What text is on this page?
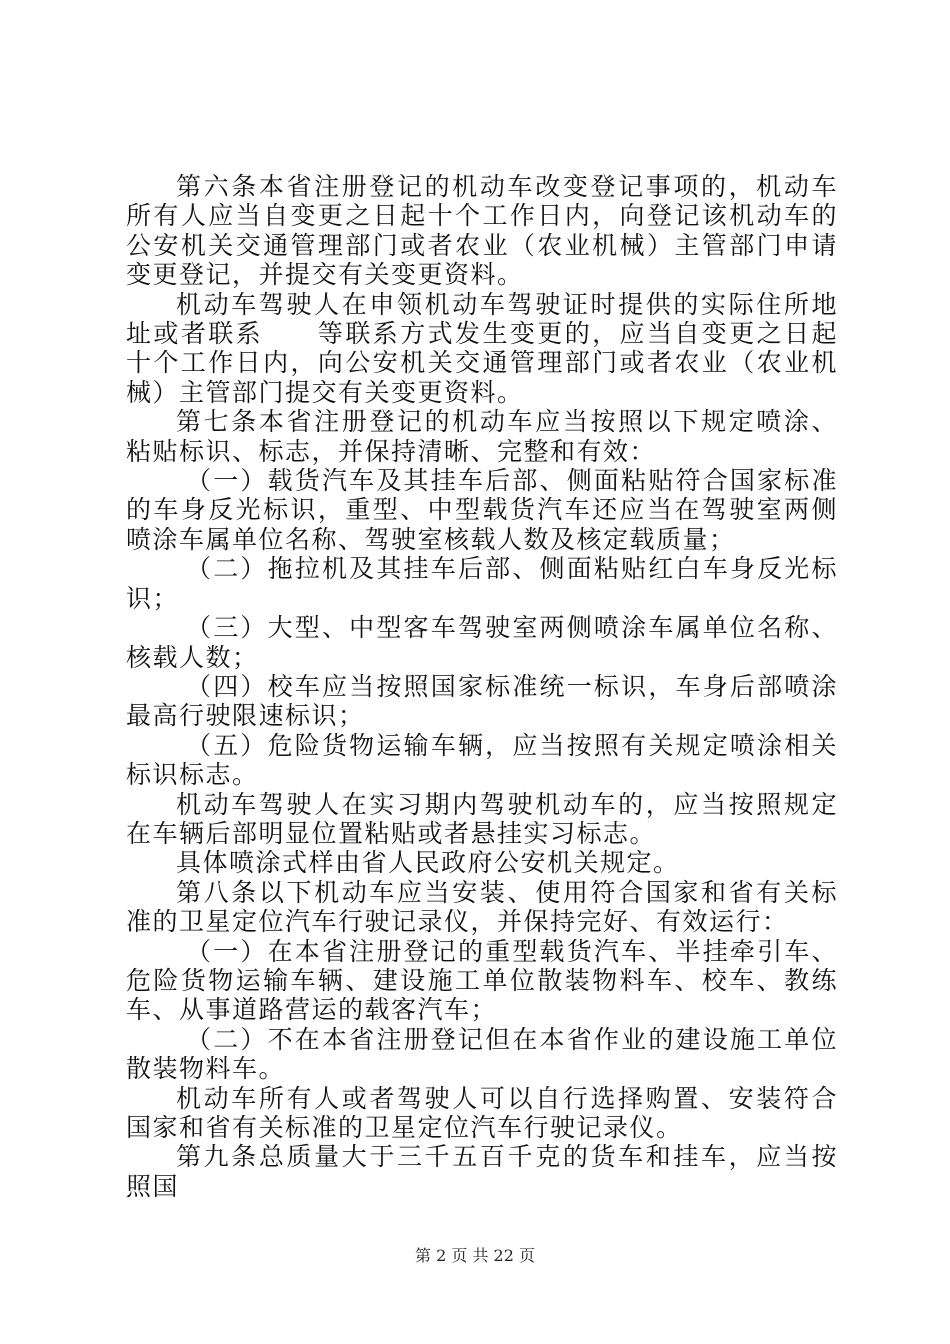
第六条本省注册登记的机动车改变登记事项的，机动车所有人应当自变更之日起十个工作日内，向登记该机动车的公安机关交通管理部门或者农业（农业机械）主管部门申请变更登记，并提交有关变更资料。

机动车驾驶人在申领机动车驾驶证时提供的实际住所地址或者联系　　等联系方式发生变更的，应当自变更之日起十个工作日内，向公安机关交通管理部门或者农业（农业机械）主管部门提交有关变更资料。

第七条本省注册登记的机动车应当按照以下规定喷涂、粘贴标识、标志，并保持清晰、完整和有效：

（一）载货汽车及其挂车后部、侧面粘贴符合国家标准的车身反光标识，重型、中型载货汽车还应当在驾驶室两侧喷涂车属单位名称、驾驶室核载人数及核定载质量；

（二）拖拉机及其挂车后部、侧面粘贴红白车身反光标识；

（三）大型、中型客车驾驶室两侧喷涂车属单位名称、核载人数；

（四）校车应当按照国家标准统一标识，车身后部喷涂最高行驶限速标识；

（五）危险货物运输车辆，应当按照有关规定喷涂相关标识标志。

机动车驾驶人在实习期内驾驶机动车的，应当按照规定在车辆后部明显位置粘贴或者悬挂实习标志。

具体喷涂式样由省人民政府公安机关规定。

第八条以下机动车应当安装、使用符合国家和省有关标准的卫星定位汽车行驶记录仪，并保持完好、有效运行：

（一）在本省注册登记的重型载货汽车、半挂牵引车、危险货物运输车辆、建设施工单位散装物料车、校车、教练车、从事道路营运的载客汽车；

（二）不在本省注册登记但在本省作业的建设施工单位散装物料车。

机动车所有人或者驾驶人可以自行选择购置、安装符合国家和省有关标准的卫星定位汽车行驶记录仪。

第九条总质量大于三千五百千克的货车和挂车，应当按照国

第 2 页 共 22 页
